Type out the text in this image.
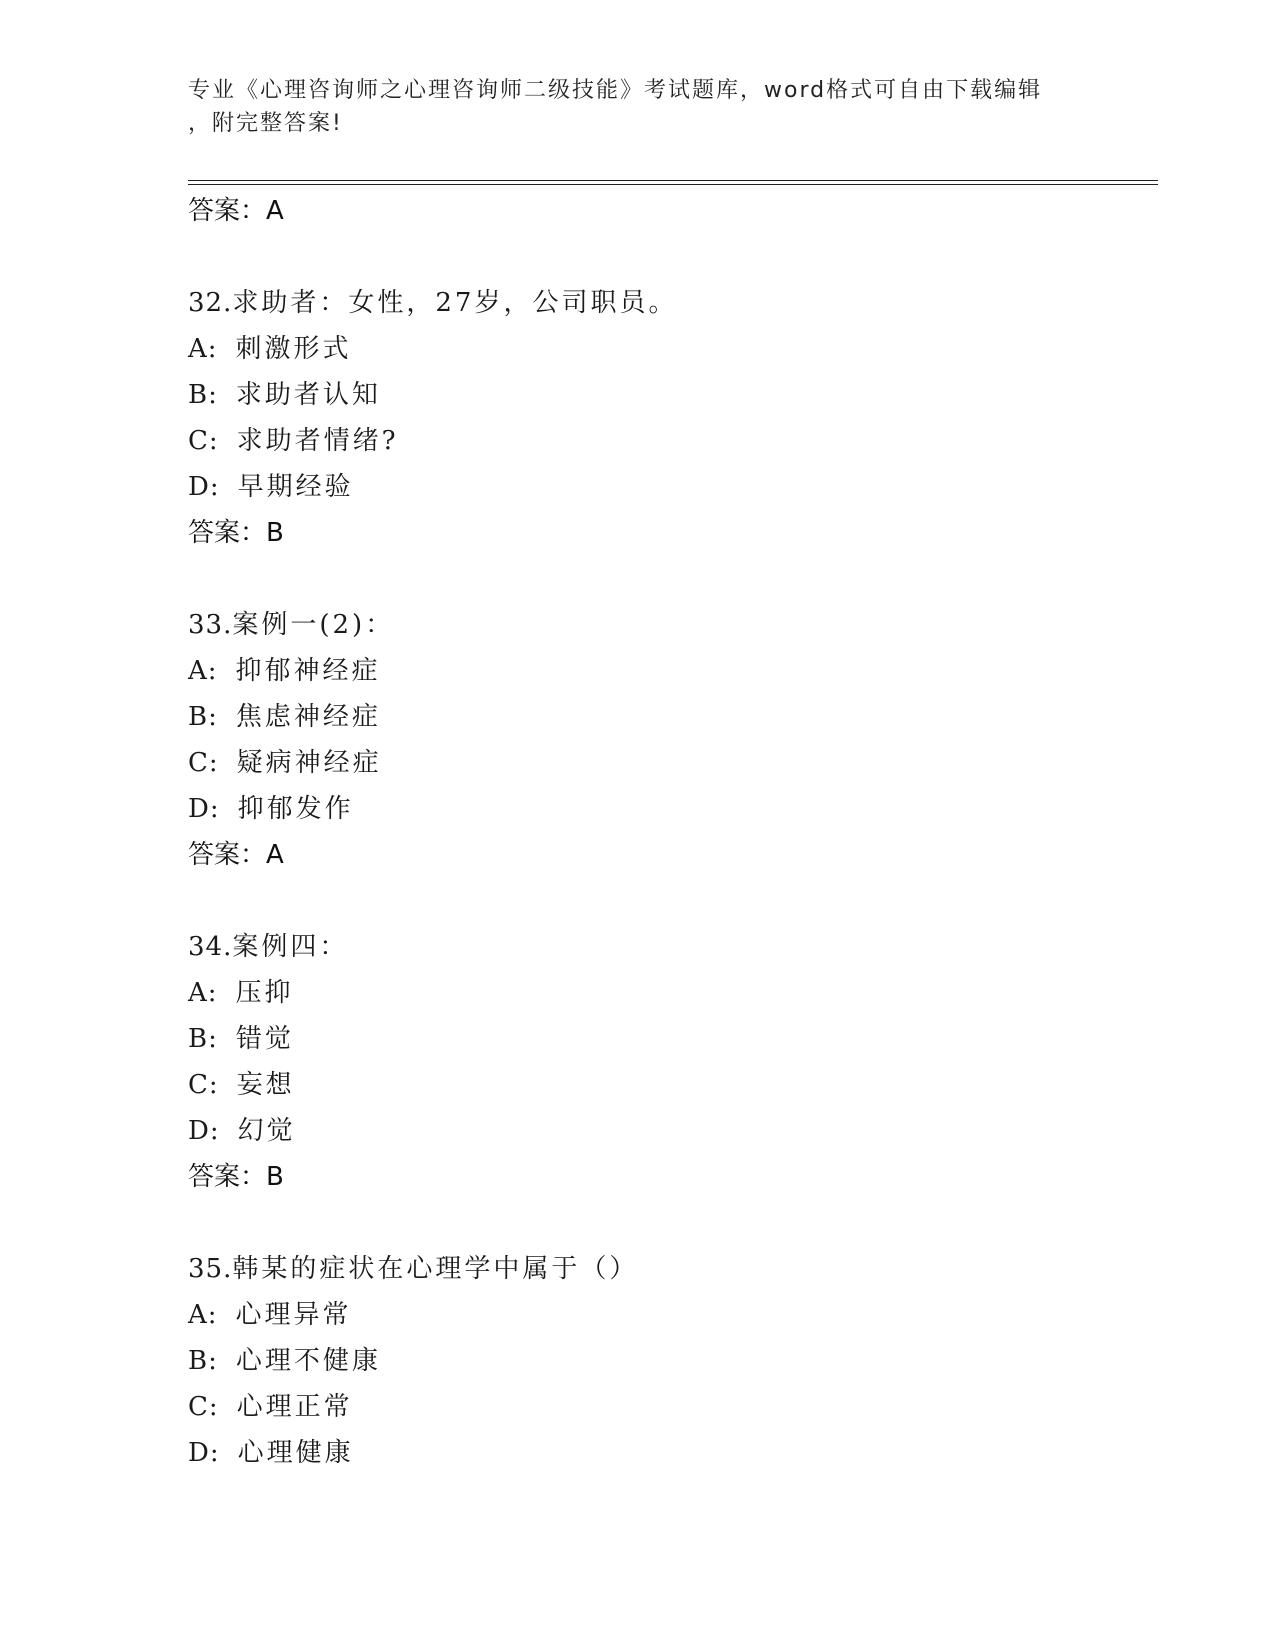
专业《心理咨询师之心理咨询师二级技能》考试题库，word格式可自由下载编辑
，附完整答案!
答案：A
32.求助者：女性，27岁，公司职员。
A: 刺激形式
B: 求助者认知
C: 求助者情绪?
D: 早期经验
答案：B
33.案例一(2)：
A: 抑郁神经症
B: 焦虑神经症
C: 疑病神经症
D: 抑郁发作
答案：A
34.案例四：
A: 压抑
B: 错觉
C: 妄想
D: 幻觉
答案：B
35.韩某的症状在心理学中属于（）
A: 心理异常
B: 心理不健康
C: 心理正常
D: 心理健康
